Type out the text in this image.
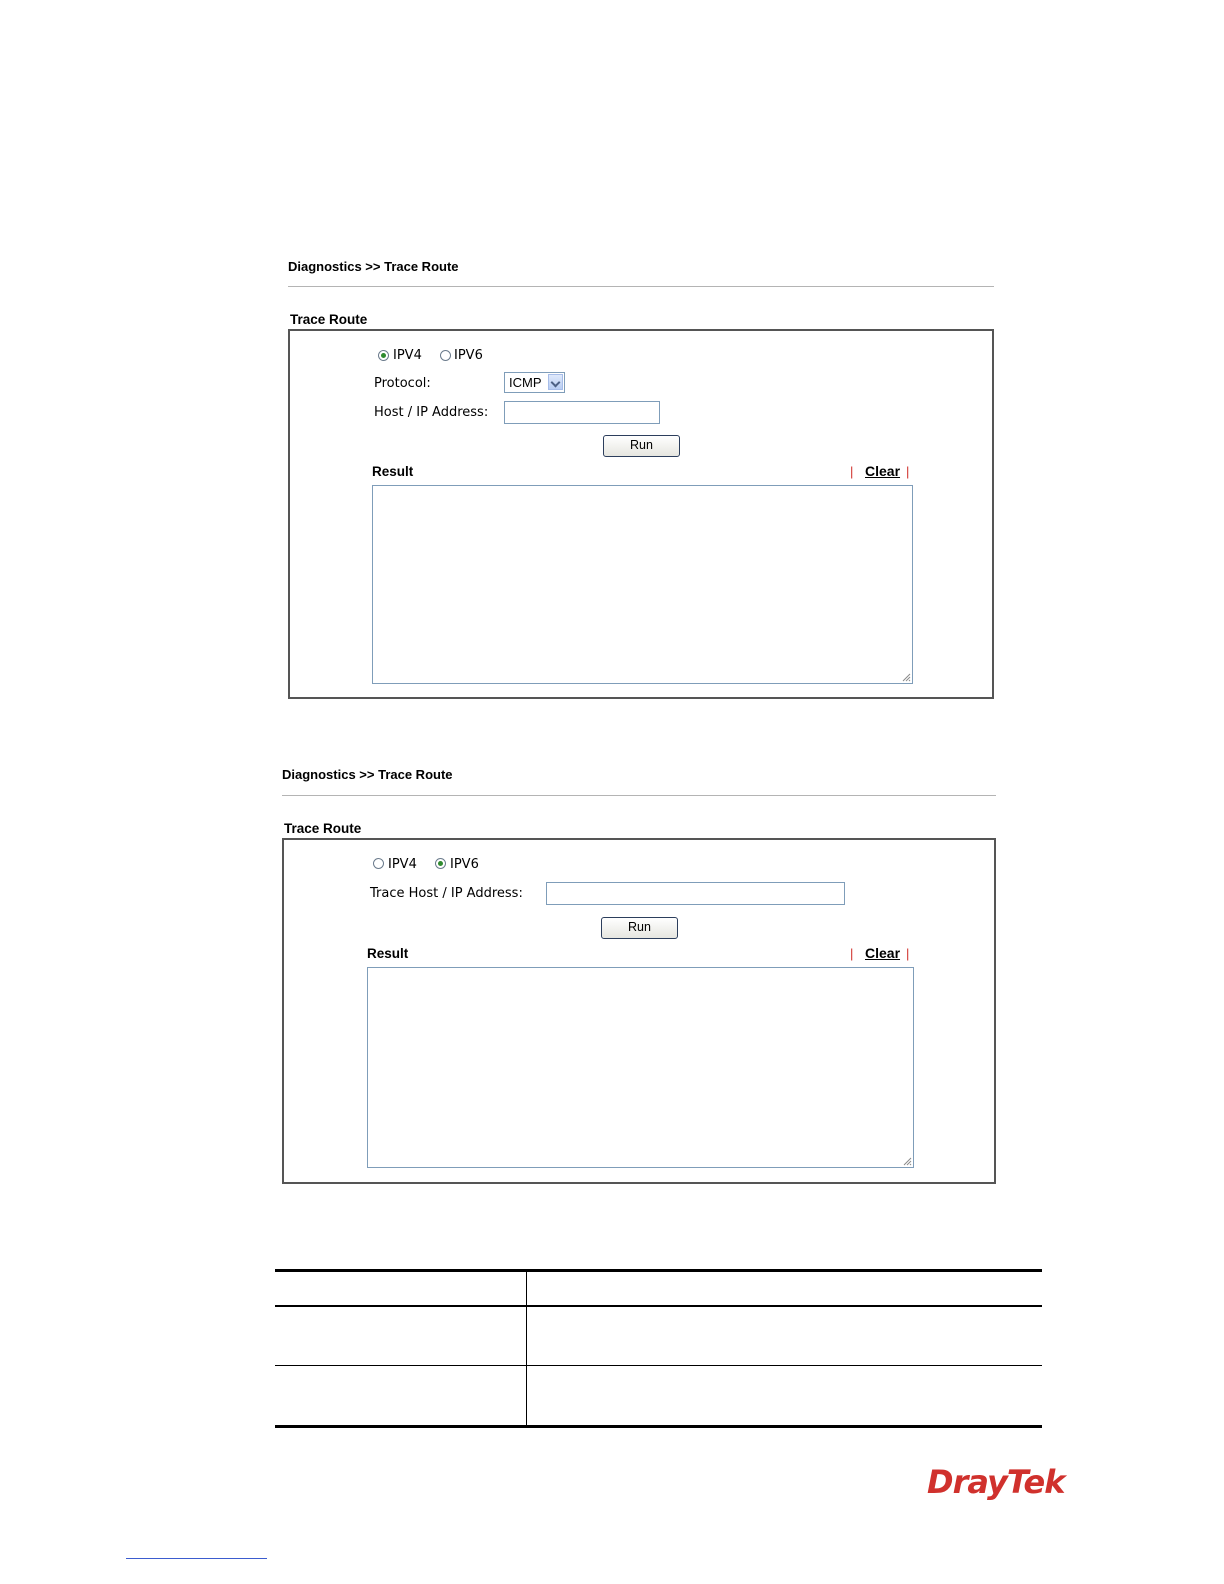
Diagnostics >> Trace Route
Trace Route
IPV4 IPV6
Protocol:	ICMP
Host / IP Address:
Run
Result	| Clear |
Diagnostics >> Trace Route
Trace Route
IPV4	IPV6
Trace Host / IP Address:
Run
Result	| Clear |
DrayTek
